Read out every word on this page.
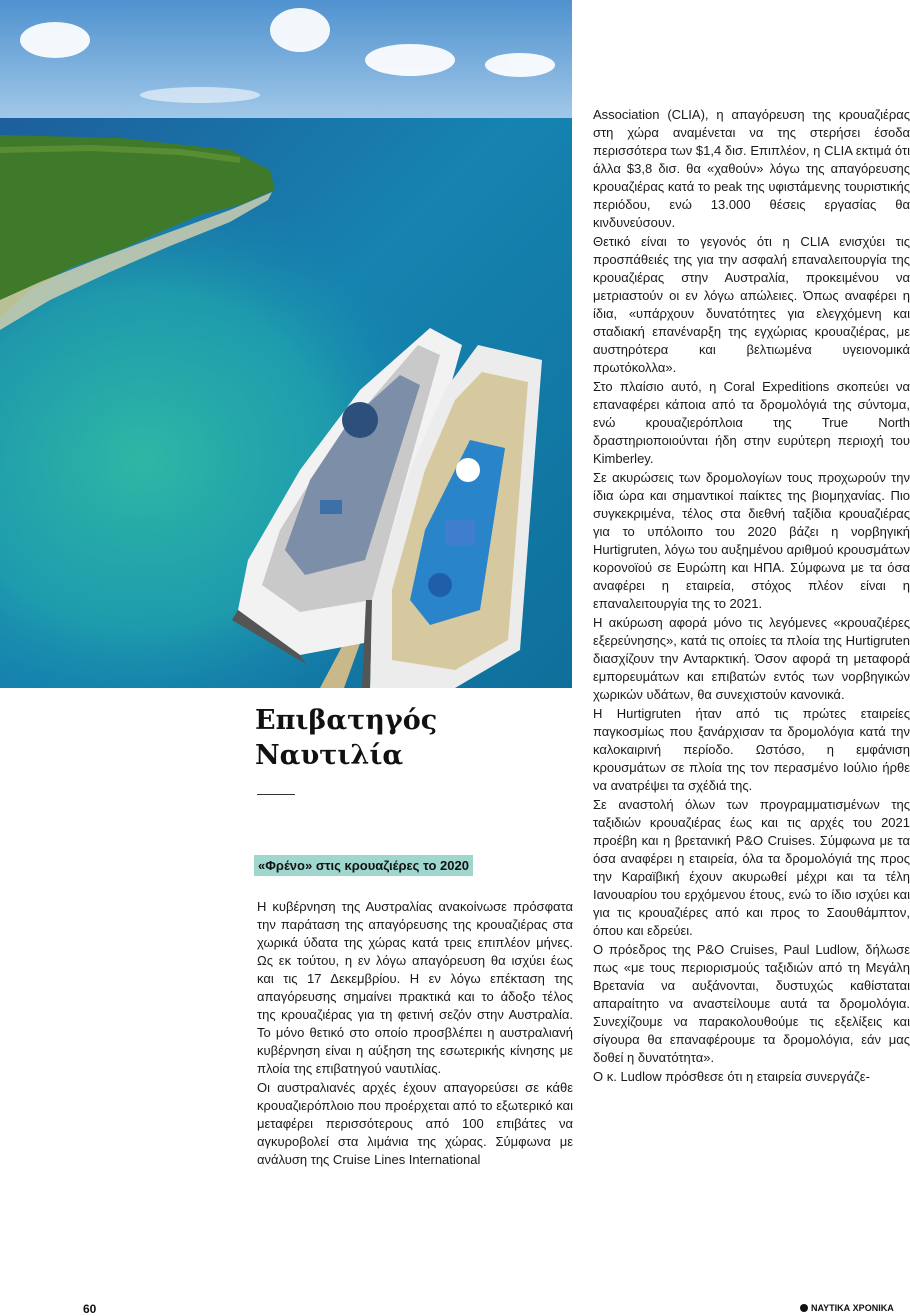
Επιβατηγός
Ναυτιλία
«Φρένο» στις κρουαζιέρες το 2020

Η κυβέρνηση της Αυστραλίας ανακοίνωσε πρόσφατα την παράταση της απαγόρευσης της κρουαζιέρας στα χωρικά ύδατα της χώρας κατά τρεις επιπλέον μήνες. Ως εκ τούτου, η εν λόγω απαγόρευση θα ισχύει έως και τις 17 Δεκεμβρίου. Η εν λόγω επέκταση της απαγόρευσης σημαίνει πρακτικά και το άδοξο τέλος της κρουαζιέρας για τη φετινή σεζόν στην Αυστραλία. Το μόνο θετικό στο οποίο προσβλέπει η αυστραλιανή κυβέρνηση είναι η αύξηση της εσωτερικής κίνησης με πλοία της επιβατηγού ναυτιλίας.

Οι αυστραλιανές αρχές έχουν απαγορεύσει σε κάθε κρουαζιερόπλοιο που προέρχεται από το εξωτερικό και μεταφέρει περισσότερους από 100 επιβάτες να αγκυροβολεί στα λιμάνια της χώρας. Σύμφωνα με ανάλυση της Cruise Lines International

Association (CLIA), η απαγόρευση της κρουαζιέρας στη χώρα αναμένεται να της στερήσει έσοδα περισσότερα των $1,4 δισ. Επιπλέον, η CLIA εκτιμά ότι άλλα $3,8 δισ. θα «χαθούν» λόγω της απαγόρευσης κρουαζιέρας κατά το peak της υφιστάμενης τουριστικής περιόδου, ενώ 13.000 θέσεις εργασίας θα κινδυνεύσουν.

Θετικό είναι το γεγονός ότι η CLIA ενισχύει τις προσπάθειές της για την ασφαλή επαναλειτουργία της κρουαζιέρας στην Αυστραλία, προκειμένου να μετριαστούν οι εν λόγω απώλειες. Όπως αναφέρει η ίδια, «υπάρχουν δυνατότητες για ελεγχόμενη και σταδιακή επανέναρξη της εγχώριας κρουαζιέρας, με αυστηρότερα και βελτιωμένα υγειονομικά πρωτόκολλα».

Στο πλαίσιο αυτό, η Coral Expeditions σκοπεύει να επαναφέρει κάποια από τα δρομολόγιά της σύντομα, ενώ κρουαζιερόπλοια της True North δραστηριοποιούνται ήδη στην ευρύτερη περιοχή του Kimberley.

Σε ακυρώσεις των δρομολογίων τους προχωρούν την ίδια ώρα και σημαντικοί παίκτες της βιομηχανίας. Πιο συγκεκριμένα, τέλος στα διεθνή ταξίδια κρουαζιέρας για το υπόλοιπο του 2020 βάζει η νορβηγική Hurtigruten, λόγω του αυξημένου αριθμού κρουσμάτων κορονοϊού σε Ευρώπη και ΗΠΑ. Σύμφωνα με τα όσα αναφέρει η εταιρεία, στόχος πλέον είναι η επαναλειτουργία της το 2021.

Η ακύρωση αφορά μόνο τις λεγόμενες «κρουαζιέρες εξερεύνησης», κατά τις οποίες τα πλοία της Hurtigruten διασχίζουν την Ανταρκτική. Όσον αφορά τη μεταφορά εμπορευμάτων και επιβατών εντός των νορβηγικών χωρικών υδάτων, θα συνεχιστούν κανονικά.

Η Hurtigruten ήταν από τις πρώτες εταιρείες παγκοσμίως που ξανάρχισαν τα δρομολόγια κατά την καλοκαιρινή περίοδο. Ωστόσο, η εμφάνιση κρουσμάτων σε πλοία της τον περασμένο Ιούλιο ήρθε να ανατρέψει τα σχέδιά της.

Σε αναστολή όλων των προγραμματισμένων της ταξιδιών κρουαζιέρας έως και τις αρχές του 2021 προέβη και η βρετανική P&O Cruises. Σύμφωνα με τα όσα αναφέρει η εταιρεία, όλα τα δρομολόγιά της προς την Καραϊβική έχουν ακυρωθεί μέχρι και τα τέλη Ιανουαρίου του ερχόμενου έτους, ενώ το ίδιο ισχύει και για τις κρουαζιέρες από και προς το Σαουθάμπτον, όπου και εδρεύει.

Ο πρόεδρος της P&O Cruises, Paul Ludlow, δήλωσε πως «με τους περιορισμούς ταξιδιών από τη Μεγάλη Βρετανία να αυξάνονται, δυστυχώς καθίσταται απαραίτητο να αναστείλουμε αυτά τα δρομολόγια. Συνεχίζουμε να παρακολουθούμε τις εξελίξεις και σίγουρα θα επαναφέρουμε τα δρομολόγια, εάν μας δοθεί η δυνατότητα».

Ο κ. Ludlow πρόσθεσε ότι η εταιρεία συνεργάζε-

60	ΝΑΥΤΙΚΑ ΧΡΟΝΙΚΑ
